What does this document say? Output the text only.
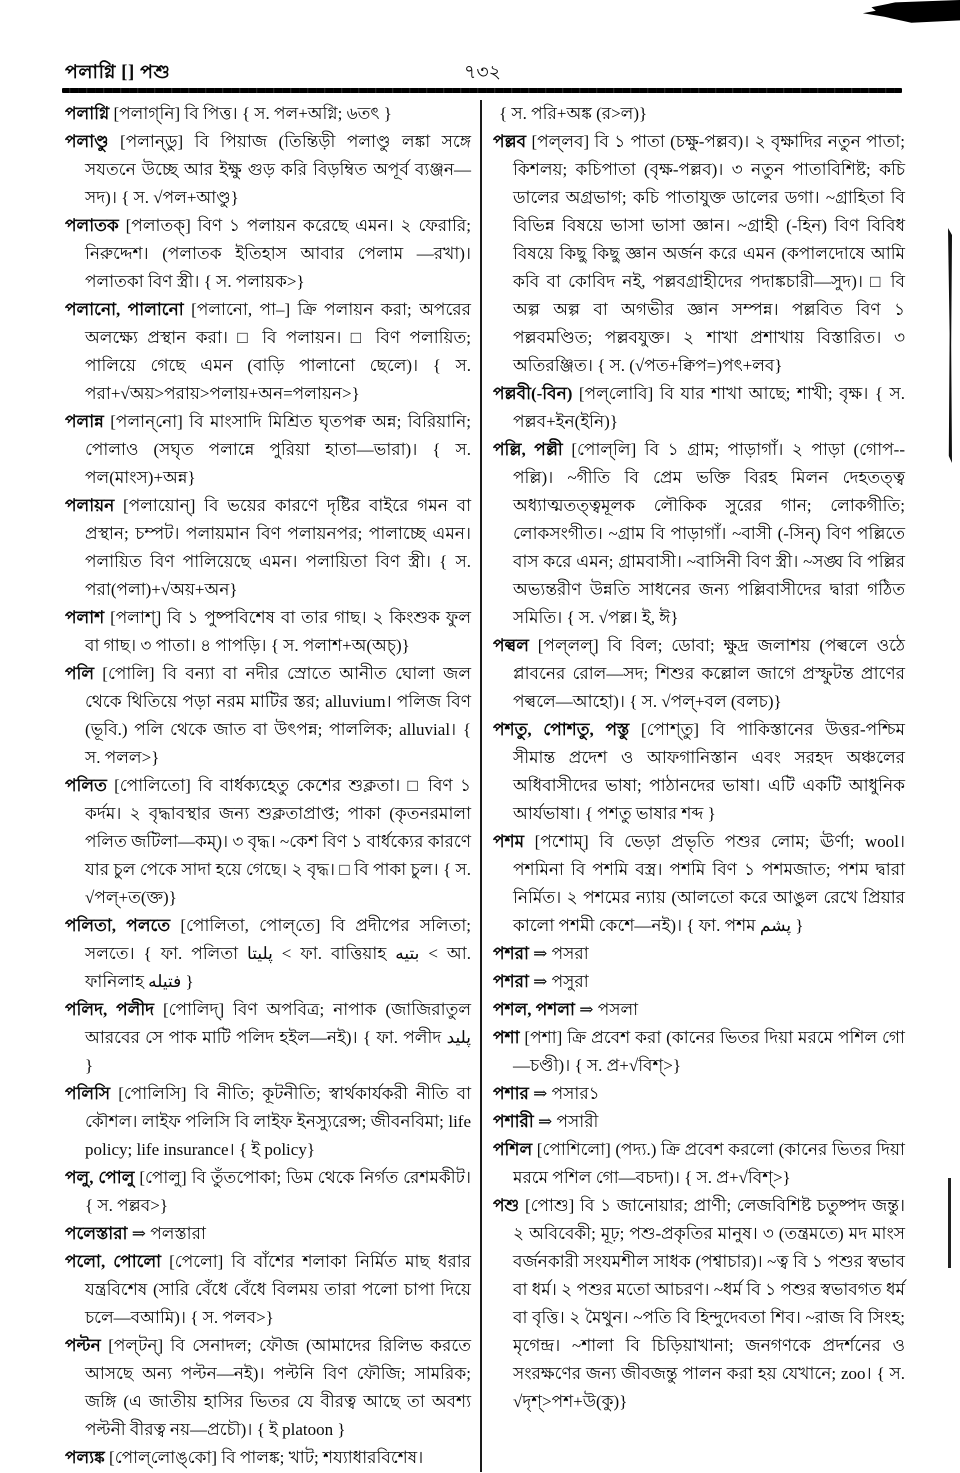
পলাগ্নি [] পশু	৭৩২

পলাগ্নি [পলাগ্‌নি] বি পিত্ত। { স. পল+অগ্নি; ৬তৎ }

পলাণ্ডু [পলান্‌ডু] বি পিয়াজ (তিন্তিড়ী পলাণ্ডু লঙ্কা সঙ্গে সযতনে উচ্ছে আর ইক্ষু গুড় করি বিড়ম্বিত অপূর্ব ব্যঞ্জন—সদ)। { স. √পল+আণ্ডু}

পলাতক [পলাতক্‌] বিণ ১ পলায়ন করেছে এমন। ২ ফেরারি; নিরুদ্দেশ। (পলাতক ইতিহাস আবার পেলাম —রখা)। পলাতকা বিণ স্ত্রী। { স. পলায়ক>}

পলানো, পালানো [পলানো, পা–] ক্রি পলায়ন করা; অপরের অলক্ষ্যে প্রস্থান করা। □ বি পলায়ন। □ বিণ পলায়িত; পালিয়ে গেছে এমন (বাড়ি পালানো ছেলে)। { স. পরা+√অয়>পরায়>পলায়+অন=পলায়ন>}

পলান্ন [পলান্‌নো] বি মাংসাদি মিশ্রিত ঘৃতপক্ব অন্ন; বিরিয়ানি; পোলাও (সঘৃত পলান্নে পুরিয়া হাতা—ভারা)। { স. পল(মাংস)+অন্ন}

পলায়ন [পলায়োন্‌] বি ভয়ের কারণে দৃষ্টির বাইরে গমন বা প্রস্থান; চম্পট। পলায়মান বিণ পলায়নপর; পালাচ্ছে এমন। পলায়িত বিণ পালিয়েছে এমন। পলায়িতা বিণ স্ত্রী। { স. পরা(পলা)+√অয়+অন}

পলাশ [পলাশ্‌] বি ১ পুষ্পবিশেষ বা তার গাছ। ২ কিংশুক ফুল বা গাছ। ৩ পাতা। ৪ পাপড়ি। { স. পলাশ+অ(অচ্‌)}

পলি [পোলি] বি বন্যা বা নদীর স্রোতে আনীত ঘোলা জল থেকে থিতিয়ে পড়া নরম মাটির স্তর; alluvium। পলিজ বিণ (ভূবি.) পলি থেকে জাত বা উৎপন্ন; পাললিক; alluvial। { স. পলল>}

পলিত [পোলিতো] বি বার্ধক্যহেতু কেশের শুক্লতা। □ বিণ ১ কর্দম। ২ বৃদ্ধাবস্থার জন্য শুক্লতাপ্রাপ্ত; পাকা (কৃতনরমালা পলিত জটিলা—কম্‌)। ৩ বৃদ্ধ। ~কেশ বিণ ১ বার্ধক্যের কারণে যার চুল পেকে সাদা হয়ে গেছে। ২ বৃদ্ধ। □ বি পাকা চুল। { স. √পল্‌+ত(ক্ত)}

পলিতা, পলতে [পোলিতা, পোল্‌তে] বি প্রদীপের সলিতা; সলতে। { ফা. পলিতা پلیتا < ফা. বাত্তিয়াহ بتیه < আ. ফানিলাহ فتیله }

পলিদ, পলীদ [পোলিদ্‌] বিণ অপবিত্র; নাপাক (জাজিরাতুল আরবের সে পাক মাটি পলিদ হইল—নই)। { ফা. পলীদ پلید }

পলিসি [পোলিসি] বি নীতি; কূটনীতি; স্বার্থকার্যকরী নীতি বা কৌশল। লাইফ পলিসি বি লাইফ ইনস্যুরেন্স; জীবনবিমা; life policy; life insurance। { ই policy}

পলু, পোলু [পোলু] বি তুঁতপোকা; ডিম থেকে নির্গত রেশমকীট। { স. পল্লব>}

পলেস্তারা ⇒ পলস্তারা

পলো, পোলো [পেলো] বি বাঁশের শলাকা নির্মিত মাছ ধরার যন্ত্রবিশেষ (সারি বেঁধে বেঁধে বিলময় তারা পলো চাপা দিয়ে চলে—বআমি)। { স. পলব>}

পল্টন [পল্‌টন্‌] বি সেনাদল; ফৌজ (আমাদের রিলিভ করতে আসছে অন্য পল্টন—নই)। পল্টনি বিণ ফৌজি; সামরিক; জঙ্গি (এ জাতীয় হাসির ভিতর যে বীরত্ব আছে তা অবশ্য পল্টনী বীরত্ব নয়—প্রচৌ)। { ই platoon }

পল্যঙ্ক [পোল্‌লোঙ্‌কো] বি পালঙ্ক; খাট; শয্যাধারবিশেষ।

{ স. পরি+অঙ্ক (র>ল)}

পল্লব [পল্‌লব] বি ১ পাতা (চক্ষু-পল্লব)। ২ বৃক্ষাদির নতুন পাতা; কিশলয়; কচিপাতা (বৃক্ষ-পল্লব)। ৩ নতুন পাতাবিশিষ্ট; কচি ডালের অগ্রভাগ; কচি পাতাযুক্ত ডালের ডগা। ~গ্রাহিতা বি বিভিন্ন বিষয়ে ভাসা ভাসা জ্ঞান। ~গ্রাহী (-হিন) বিণ বিবিধ বিষয়ে কিছু কিছু জ্ঞান অর্জন করে এমন (কপালদোষে আমি কবি বা কোবিদ নই, পল্লবগ্রাহীদের পদাঙ্কচারী—সুদ)। □ বি অল্প অল্প বা অগভীর জ্ঞান সম্পন্ন। পল্লবিত বিণ ১ পল্লবমণ্ডিত; পল্লবযুক্ত। ২ শাখা প্রশাখায় বিস্তারিত। ৩ অতিরঞ্জিত। { স. (√পত+ক্বিপ=)পৎ+লব}

পল্লবী(-বিন) [পল্‌লোবি] বি যার শাখা আছে; শাখী; বৃক্ষ। { স. পল্লব+ইন(ইনি)}

পল্লি, পল্লী [পোল্‌লি] বি ১ গ্রাম; পাড়াগাঁ। ২ পাড়া (গোপ--পল্লি)। ~গীতি বি প্রেম ভক্তি বিরহ মিলন দেহতত্ত্ব অধ্যাত্মতত্ত্বমূলক লৌকিক সুরের গান; লোকগীতি; লোকসংগীত। ~গ্রাম বি পাড়াগাঁ। ~বাসী (-সিন্‌) বিণ পল্লিতে বাস করে এমন; গ্রামবাসী। ~বাসিনী বিণ স্ত্রী। ~সঙ্ঘ বি পল্লির অভ্যন্তরীণ উন্নতি সাধনের জন্য পল্লিবাসীদের দ্বারা গঠিত সমিতি। { স. √পল্ল। ই, ঈ}

পল্বল [পল্‌লল্‌] বি বিল; ডোবা; ক্ষুদ্র জলাশয় (পল্বলে ওঠে প্লাবনের রোল—সদ; শিশুর কল্লোল জাগে প্রস্ফুটন্ত প্রাণের পল্বলে—আহো)। { স. √পল্‌+বল (বলচ)}

পশতু, পোশতু, পস্তু [পোশ্‌তু] বি পাকিস্তানের উত্তর-পশ্চিম সীমান্ত প্রদেশ ও আফগানিস্তান এবং সরহদ অঞ্চলের অধিবাসীদের ভাষা; পাঠানদের ভাষা। এটি একটি আধুনিক আর্যভাষা। { পশতু ভাষার শব্দ }

পশম [পশোম্‌] বি ভেড়া প্রভৃতি পশুর লোম; ঊর্ণা; wool। পশমিনা বি পশমি বস্ত্র। পশমি বিণ ১ পশমজাত; পশম দ্বারা নির্মিত। ২ পশমের ন্যায় (আলতো করে আঙুল রেখে প্রিয়ার কালো পশমী কেশে—নই)। { ফা. পশম پشم }

পশরা ⇒ পসরা

পশরা ⇒ পসুরা

পশল, পশলা ⇒ পসলা

পশা [পশা] ক্রি প্রবেশ করা (কানের ভিতর দিয়া মরমে পশিল গো—চণ্ডী)। { স. প্র+√বিশ্‌>}

পশার ⇒ পসার১

পশারী ⇒ পসারী

পশিল [পোশিলো] (পদ্য.) ক্রি প্রবেশ করলো (কানের ভিতর দিয়া মরমে পশিল গো—বচদা)। { স. প্র+√বিশ্‌>}

পশু [পোশু] বি ১ জানোয়ার; প্রাণী; লেজবিশিষ্ট চতুষ্পদ জন্তু। ২ অবিবেকী; মূঢ়; পশু-প্রকৃতির মানুষ। ৩ (তন্ত্রমতে) মদ মাংস বর্জনকারী সংযমশীল সাধক (পশ্বাচার)। ~ত্ব বি ১ পশুর স্বভাব বা ধর্ম। ২ পশুর মতো আচরণ। ~ধর্ম বি ১ পশুর স্বভাবগত ধর্ম বা বৃত্তি। ২ মৈথুন। ~পতি বি হিন্দুদেবতা শিব। ~রাজ বি সিংহ; মৃগেন্দ্র। ~শালা বি চিড়িয়াখানা; জনগণকে প্রদর্শনের ও সংরক্ষণের জন্য জীবজন্তু পালন করা হয় যেখানে; zoo। { স. √দৃশ্‌>পশ+উ(কু)}
